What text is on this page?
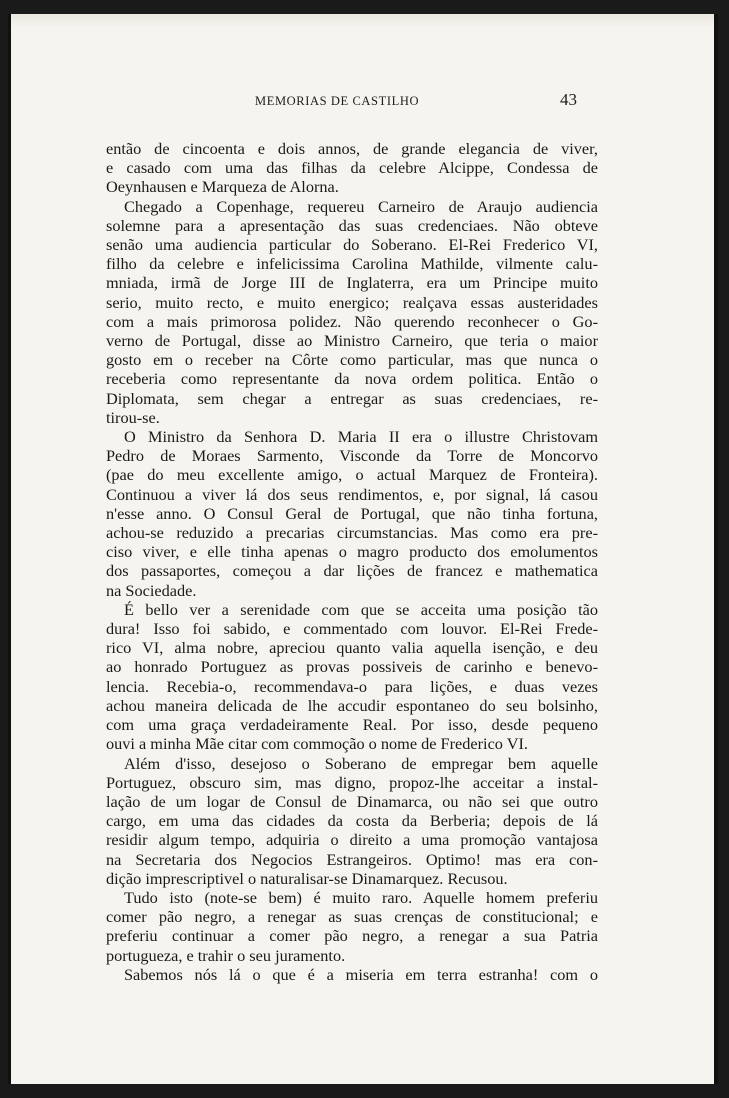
MEMORIAS DE CASTILHO	43
então de cincoenta e dois annos, de grande elegancia de viver,
e casado com uma das filhas da celebre Alcippe, Condessa de
Oeynhausen e Marqueza de Alorna.
Chegado a Copenhage, requereu Carneiro de Araujo audiencia
solemne para a apresentação das suas credenciaes. Não obteve
senão uma audiencia particular do Soberano. El-Rei Frederico VI,
filho da celebre e infelicissima Carolina Mathilde, vilmente calu-
mniada, irmã de Jorge III de Inglaterra, era um Principe muito
serio, muito recto, e muito energico; realçava essas austeridades
com a mais primorosa polidez. Não querendo reconhecer o Go-
verno de Portugal, disse ao Ministro Carneiro, que teria o maior
gosto em o receber na Côrte como particular, mas que nunca o
receberia como representante da nova ordem politica. Então o
Diplomata, sem chegar a entregar as suas credenciaes, re-
tirou-se.
O Ministro da Senhora D. Maria II era o illustre Christovam
Pedro de Moraes Sarmento, Visconde da Torre de Moncorvo
(pae do meu excellente amigo, o actual Marquez de Fronteira).
Continuou a viver lá dos seus rendimentos, e, por signal, lá casou
n'esse anno. O Consul Geral de Portugal, que não tinha fortuna,
achou-se reduzido a precarias circumstancias. Mas como era pre-
ciso viver, e elle tinha apenas o magro producto dos emolumentos
dos passaportes, começou a dar lições de francez e mathematica
na Sociedade.
É bello ver a serenidade com que se acceita uma posição tão
dura! Isso foi sabido, e commentado com louvor. El-Rei Frede-
rico VI, alma nobre, apreciou quanto valia aquella isenção, e deu
ao honrado Portuguez as provas possiveis de carinho e benevo-
lencia. Recebia-o, recommendava-o para lições, e duas vezes
achou maneira delicada de lhe accudir espontaneo do seu bolsinho,
com uma graça verdadeiramente Real. Por isso, desde pequeno
ouvi a minha Mãe citar com commoção o nome de Frederico VI.
Além d'isso, desejoso o Soberano de empregar bem aquelle
Portuguez, obscuro sim, mas digno, propoz-lhe acceitar a instal-
lação de um logar de Consul de Dinamarca, ou não sei que outro
cargo, em uma das cidades da costa da Berberia; depois de lá
residir algum tempo, adquiria o direito a uma promoção vantajosa
na Secretaria dos Negocios Estrangeiros. Optimo! mas era con-
dição imprescriptivel o naturalisar-se Dinamarquez. Recusou.
Tudo isto (note-se bem) é muito raro. Aquelle homem preferiu
comer pão negro, a renegar as suas crenças de constitucional; e
preferiu continuar a comer pão negro, a renegar a sua Patria
portugueza, e trahir o seu juramento.
Sabemos nós lá o que é a miseria em terra estranha! com o
